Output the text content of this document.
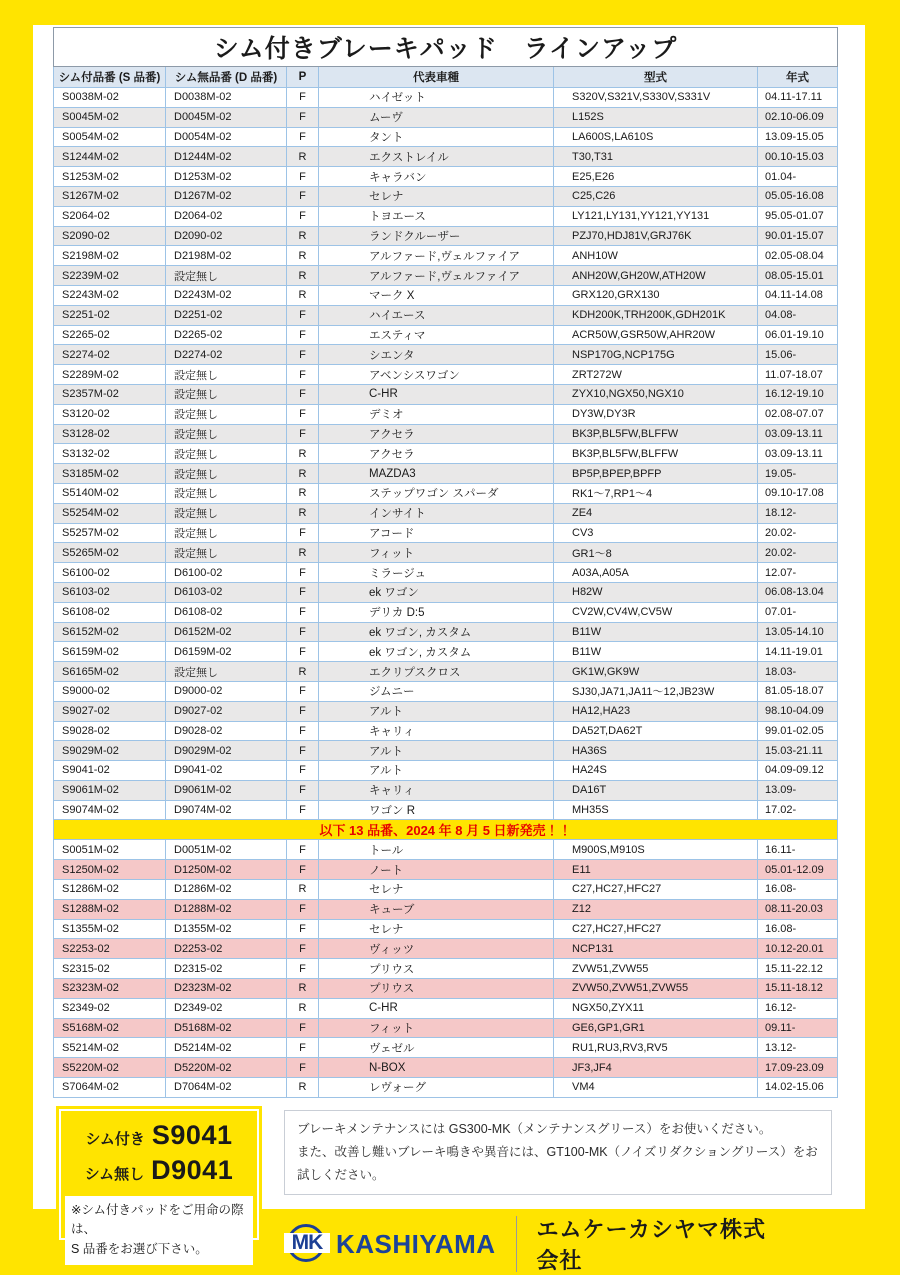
シム付きブレーキパッド　ラインアップ					
シム付品番 (S 品番)	シム無品番 (D 品番)	P	代表車種	型式	年式
S0038M-02	D0038M-02	F	ハイゼット	S320V,S321V,S330V,S331V	04.11-17.11
S0045M-02	D0045M-02	F	ムーヴ	L152S	02.10-06.09
S0054M-02	D0054M-02	F	タント	LA600S,LA610S	13.09-15.05
S1244M-02	D1244M-02	R	エクストレイル	T30,T31	00.10-15.03
S1253M-02	D1253M-02	F	キャラバン	E25,E26	01.04-
S1267M-02	D1267M-02	F	セレナ	C25,C26	05.05-16.08
S2064-02	D2064-02	F	トヨエース	LY121,LY131,YY121,YY131	95.05-01.07
S2090-02	D2090-02	R	ランドクルーザー	PZJ70,HDJ81V,GRJ76K	90.01-15.07
S2198M-02	D2198M-02	R	アルファード,ヴェルファイア	ANH10W	02.05-08.04
S2239M-02	設定無し	R	アルファード,ヴェルファイア	ANH20W,GH20W,ATH20W	08.05-15.01
S2243M-02	D2243M-02	R	マーク X	GRX120,GRX130	04.11-14.08
S2251-02	D2251-02	F	ハイエース	KDH200K,TRH200K,GDH201K	04.08-
S2265-02	D2265-02	F	エスティマ	ACR50W,GSR50W,AHR20W	06.01-19.10
S2274-02	D2274-02	F	シエンタ	NSP170G,NCP175G	15.06-
S2289M-02	設定無し	F	アベンシスワゴン	ZRT272W	11.07-18.07
S2357M-02	設定無し	F	C-HR	ZYX10,NGX50,NGX10	16.12-19.10
S3120-02	設定無し	F	デミオ	DY3W,DY3R	02.08-07.07
S3128-02	設定無し	F	アクセラ	BK3P,BL5FW,BLFFW	03.09-13.11
S3132-02	設定無し	R	アクセラ	BK3P,BL5FW,BLFFW	03.09-13.11
S3185M-02	設定無し	R	MAZDA3	BP5P,BPEP,BPFP	19.05-
S5140M-02	設定無し	R	ステップワゴン スパーダ	RK1～7,RP1～4	09.10-17.08
S5254M-02	設定無し	R	インサイト	ZE4	18.12-
S5257M-02	設定無し	F	アコード	CV3	20.02-
S5265M-02	設定無し	R	フィット	GR1～8	20.02-
S6100-02	D6100-02	F	ミラージュ	A03A,A05A	12.07-
S6103-02	D6103-02	F	ek ワゴン	H82W	06.08-13.04
S6108-02	D6108-02	F	デリカ D:5	CV2W,CV4W,CV5W	07.01-
S6152M-02	D6152M-02	F	ek ワゴン, カスタム	B11W	13.05-14.10
S6159M-02	D6159M-02	F	ek ワゴン, カスタム	B11W	14.11-19.01
S6165M-02	設定無し	R	エクリプスクロス	GK1W,GK9W	18.03-
S9000-02	D9000-02	F	ジムニー	SJ30,JA71,JA11～12,JB23W	81.05-18.07
S9027-02	D9027-02	F	アルト	HA12,HA23	98.10-04.09
S9028-02	D9028-02	F	キャリィ	DA52T,DA62T	99.01-02.05
S9029M-02	D9029M-02	F	アルト	HA36S	15.03-21.11
S9041-02	D9041-02	F	アルト	HA24S	04.09-09.12
S9061M-02	D9061M-02	F	キャリィ	DA16T	13.09-
S9074M-02	D9074M-02	F	ワゴン R	MH35S	17.02-
以下 13 品番、2024 年 8 月 5 日新発売！！					
S0051M-02	D0051M-02	F	トール	M900S,M910S	16.11-
S1250M-02	D1250M-02	F	ノート	E11	05.01-12.09
S1286M-02	D1286M-02	R	セレナ	C27,HC27,HFC27	16.08-
S1288M-02	D1288M-02	F	キューブ	Z12	08.11-20.03
S1355M-02	D1355M-02	F	セレナ	C27,HC27,HFC27	16.08-
S2253-02	D2253-02	F	ヴィッツ	NCP131	10.12-20.01
S2315-02	D2315-02	F	プリウス	ZVW51,ZVW55	15.11-22.12
S2323M-02	D2323M-02	R	プリウス	ZVW50,ZVW51,ZVW55	15.11-18.12
S2349-02	D2349-02	R	C-HR	NGX50,ZYX11	16.12-
S5168M-02	D5168M-02	F	フィット	GE6,GP1,GR1	09.11-
S5214M-02	D5214M-02	F	ヴェゼル	RU1,RU3,RV3,RV5	13.12-
S5220M-02	D5220M-02	F	N-BOX	JF3,JF4	17.09-23.09
S7064M-02	D7064M-02	R	レヴォーグ	VM4	14.02-15.06
シム付き S9041
シム無し D9041
※シム付きパッドをご用命の際は、
S 品番をお選び下さい。
ブレーキメンテナンスには GS300-MK（メンテナンスグリース）をお使いください。
また、改善し難いブレーキ鳴きや異音には、GT100-MK（ノイズリダクショングリース）をお試しください。
MK KASHIYAMA エムケーカシヤマ株式会社
